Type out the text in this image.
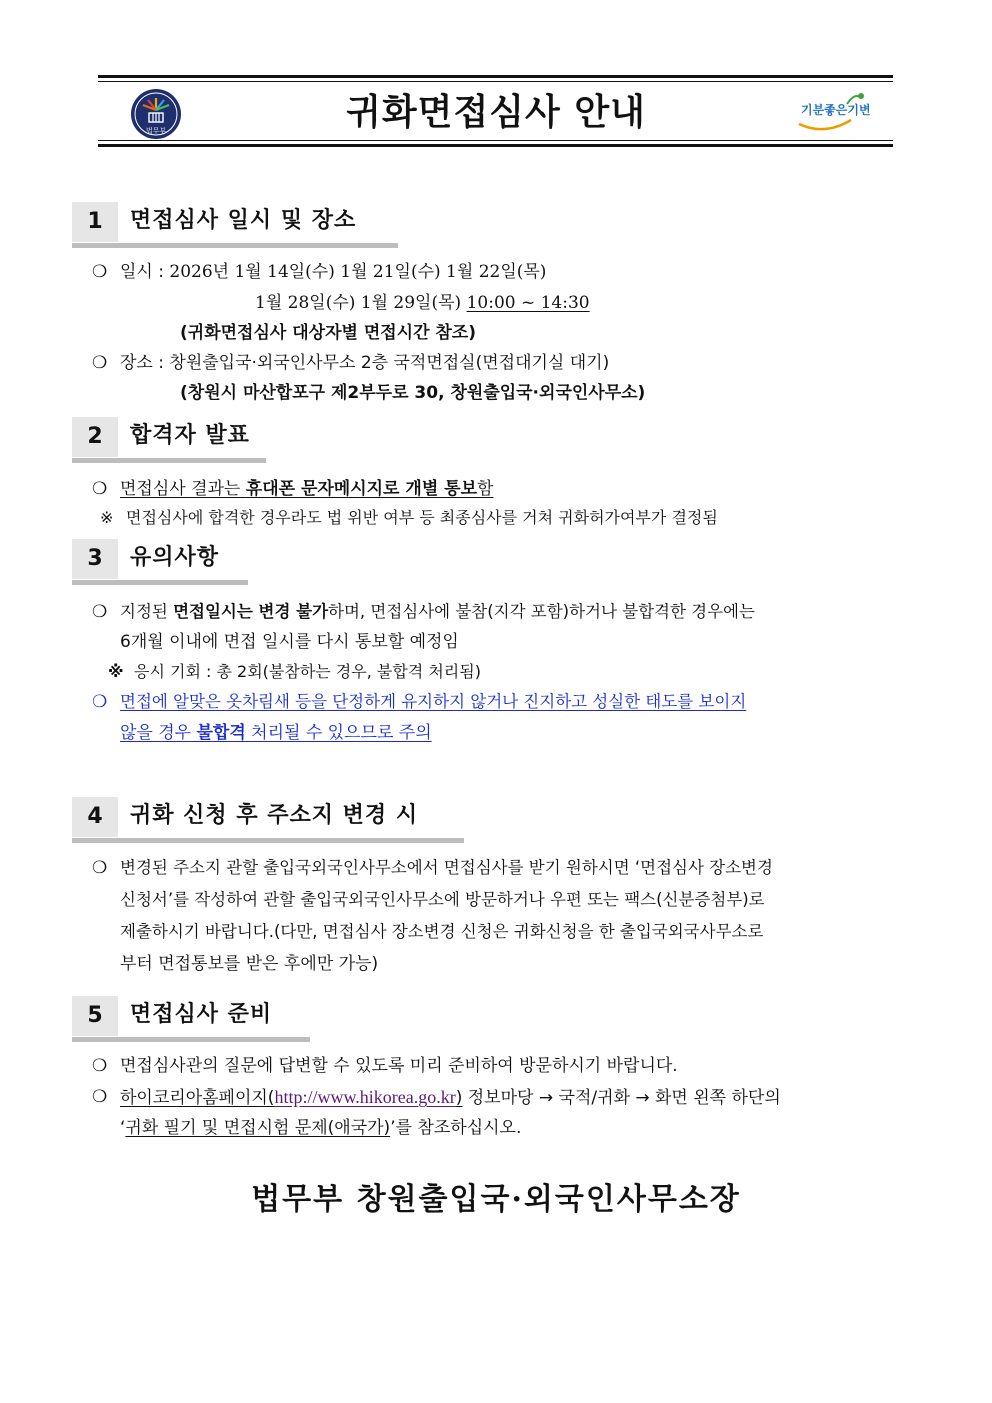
법무부	귀화면접심사 안내	기분좋은기변
1	면접심사 일시 및 장소
❍ 일시 : 2026년 1월 14일(수) 1월 21일(수) 1월 22일(목)
1월 28일(수) 1월 29일(목) 10:00 ~ 14:30
(귀화면접심사 대상자별 면접시간 참조)
❍ 장소 : 창원출입국·외국인사무소 2층 국적면접실(면접대기실 대기)
(창원시 마산합포구 제2부두로 30, 창원출입국·외국인사무소)
2	합격자 발표
❍ 면접심사 결과는 휴대폰 문자메시지로 개별 통보함
※ 면접심사에 합격한 경우라도 법 위반 여부 등 최종심사를 거쳐 귀화허가여부가 결정됨
3	유의사항
❍ 지정된 면접일시는 변경 불가하며, 면접심사에 불참(지각 포함)하거나 불합격한 경우에는
6개월 이내에 면접 일시를 다시 통보할 예정임
※ 응시 기회 : 총 2회(불참하는 경우, 불합격 처리됨)
❍ 면접에 알맞은 옷차림새 등을 단정하게 유지하지 않거나 진지하고 성실한 태도를 보이지
않을 경우 불합격 처리될 수 있으므로 주의
4	귀화 신청 후 주소지 변경 시
❍ 변경된 주소지 관할 출입국외국인사무소에서 면접심사를 받기 원하시면 ‘면접심사 장소변경
신청서’를 작성하여 관할 출입국외국인사무소에 방문하거나 우편 또는 팩스(신분증첨부)로
제출하시기 바랍니다.(다만, 면접심사 장소변경 신청은 귀화신청을 한 출입국외국사무소로
부터 면접통보를 받은 후에만 가능)
5	면접심사 준비
❍ 면접심사관의 질문에 답변할 수 있도록 미리 준비하여 방문하시기 바랍니다.
❍ 하이코리아홈페이지(http://www.hikorea.go.kr) 정보마당 → 국적/귀화 → 화면 왼쪽 하단의
‘귀화 필기 및 면접시험 문제(애국가)’를 참조하십시오.
법무부 창원출입국·외국인사무소장
